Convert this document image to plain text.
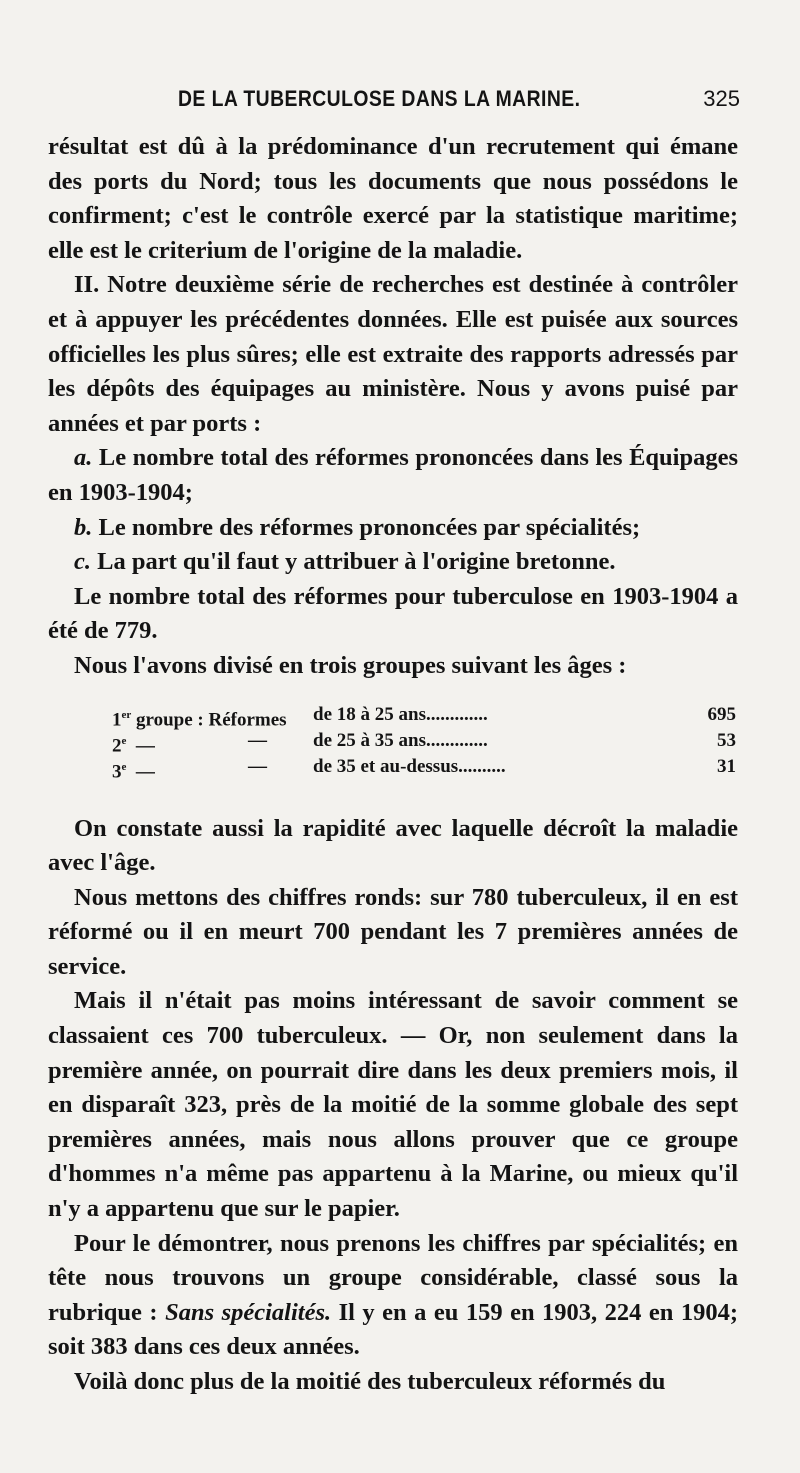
DE LA TUBERCULOSE DANS LA MARINE.	325

résultat est dû à la prédominance d'un recrutement qui émane des ports du Nord; tous les documents que nous possédons le confirment; c'est le contrôle exercé par la statistique maritime; elle est le criterium de l'origine de la maladie.

II. Notre deuxième série de recherches est destinée à contrôler et à appuyer les précédentes données. Elle est puisée aux sources officielles les plus sûres; elle est extraite des rapports adressés par les dépôts des équipages au ministère. Nous y avons puisé par années et par ports :

a. Le nombre total des réformes prononcées dans les Équipages en 1903-1904;

b. Le nombre des réformes prononcées par spécialités;

c. La part qu'il faut y attribuer à l'origine bretonne.

Le nombre total des réformes pour tuberculose en 1903-1904 a été de 779.

Nous l'avons divisé en trois groupes suivant les âges :

1er groupe : Réformes de 18 à 25 ans.............	695
2e —	— de 25 à 35 ans.............	53
3e —	— de 35 et au-dessus..........	31

On constate aussi la rapidité avec laquelle décroît la maladie avec l'âge.

Nous mettons des chiffres ronds: sur 780 tuberculeux, il en est réformé ou il en meurt 700 pendant les 7 premières années de service.

Mais il n'était pas moins intéressant de savoir comment se classaient ces 700 tuberculeux. — Or, non seulement dans la première année, on pourrait dire dans les deux premiers mois, il en disparaît 323, près de la moitié de la somme globale des sept premières années, mais nous allons prouver que ce groupe d'hommes n'a même pas appartenu à la Marine, ou mieux qu'il n'y a appartenu que sur le papier.

Pour le démontrer, nous prenons les chiffres par spécialités; en tête nous trouvons un groupe considérable, classé sous la rubrique : Sans spécialités. Il y en a eu 159 en 1903, 224 en 1904; soit 383 dans ces deux années.

Voilà donc plus de la moitié des tuberculeux réformés du
